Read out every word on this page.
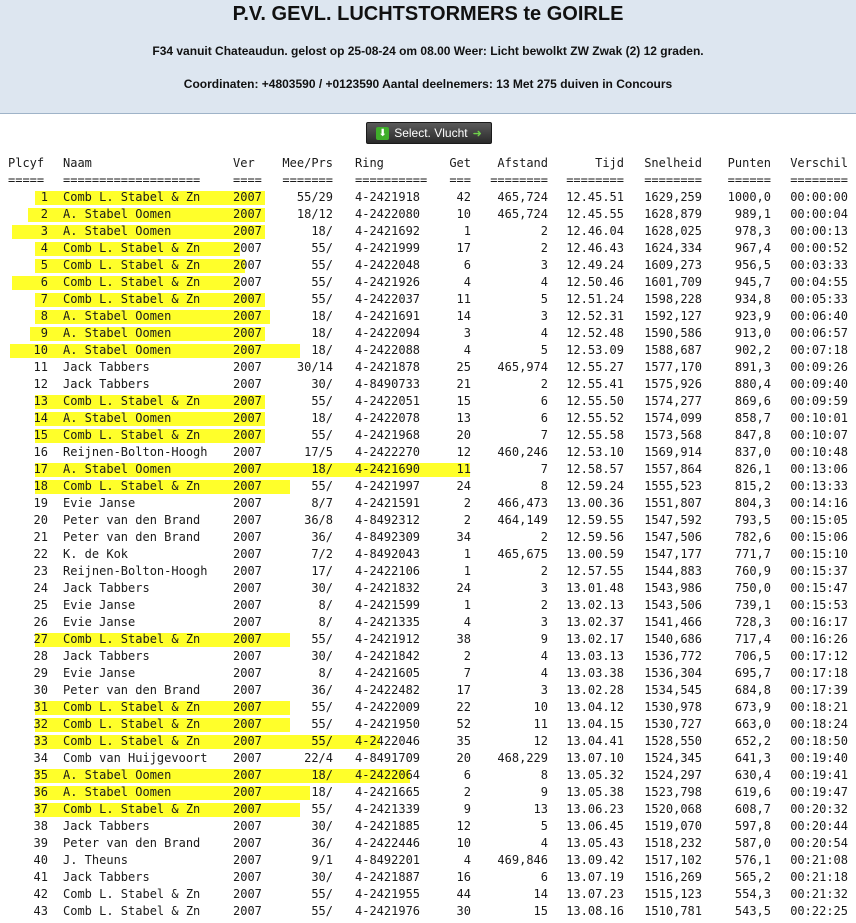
P.V. GEVL. LUCHTSTORMERS te GOIRLE
F34 vanuit Chateaudun. gelost op 25-08-24 om 08.00 Weer: Licht bewolkt ZW Zwak (2) 12 graden.
Coordinaten: +4803590 / +0123590 Aantal deelnemers: 13 Met 275 duiven in Concours
⬇ Select. Vlucht ➜
Plcyf Naam	Ver Mee/Prs Ring	Get Afstand	Tijd Snelheid Punten Verschil
===== ===================	==== ======= ========== === ======== ======== ======== ====== ========
1 Comb L. Stabel & Zn	2007	55/29 4-2421918	42 465,724 12.45.51 1629,259 1000,0 00:00:00
2 A. Stabel Oomen	2007	18/12 4-2422080	10 465,724 12.45.55 1628,879	989,1 00:00:04
3 A. Stabel Oomen	2007	18/ 4-2421692	1	2 12.46.04 1628,025	978,3 00:00:13
4 Comb L. Stabel & Zn	2007	55/ 4-2421999	17	2 12.46.43 1624,334	967,4 00:00:52
5 Comb L. Stabel & Zn	2007	55/ 4-2422048	6	3 12.49.24 1609,273	956,5 00:03:33
6 Comb L. Stabel & Zn	2007	55/ 4-2421926	4	4 12.50.46 1601,709	945,7 00:04:55
7 Comb L. Stabel & Zn	2007	55/ 4-2422037	11	5 12.51.24 1598,228	934,8 00:05:33
8 A. Stabel Oomen	2007	18/ 4-2421691	14	3 12.52.31 1592,127	923,9 00:06:40
9 A. Stabel Oomen	2007	18/ 4-2422094	3	4 12.52.48 1590,586	913,0 00:06:57
10 A. Stabel Oomen	2007	18/ 4-2422088	4	5 12.53.09 1588,687	902,2 00:07:18
11 Jack Tabbers	2007	30/14 4-2421878	25 465,974 12.55.27 1577,170	891,3 00:09:26
12 Jack Tabbers	2007	30/ 4-8490733	21	2 12.55.41 1575,926	880,4 00:09:40
13 Comb L. Stabel & Zn	2007	55/ 4-2422051	15	6 12.55.50 1574,277	869,6 00:09:59
14 A. Stabel Oomen	2007	18/ 4-2422078	13	6 12.55.52 1574,099	858,7 00:10:01
15 Comb L. Stabel & Zn	2007	55/ 4-2421968	20	7 12.55.58 1573,568	847,8 00:10:07
16 Reijnen-Bolton-Hoogh 2007	17/5 4-2422270	12 460,246 12.53.10 1569,914	837,0 00:10:48
17 A. Stabel Oomen	2007	18/ 4-2421690	11	7 12.58.57 1557,864	826,1 00:13:06
18 Comb L. Stabel & Zn	2007	55/ 4-2421997	24	8 12.59.24 1555,523	815,2 00:13:33
19 Evie Janse	2007	8/7 4-2421591	2 466,473 13.00.36 1551,807	804,3 00:14:16
20 Peter van den Brand	2007	36/8 4-8492312	2 464,149 12.59.55 1547,592	793,5 00:15:05
21 Peter van den Brand	2007	36/ 4-8492309	34	2 12.59.56 1547,506	782,6 00:15:06
22 K. de Kok	2007	7/2 4-8492043	1 465,675 13.00.59 1547,177	771,7 00:15:10
23 Reijnen-Bolton-Hoogh 2007	17/ 4-2422106	1	2 12.57.55 1544,883	760,9 00:15:37
24 Jack Tabbers	2007	30/ 4-2421832	24	3 13.01.48 1543,986	750,0 00:15:47
25 Evie Janse	2007	8/ 4-2421599	1	2 13.02.13 1543,506	739,1 00:15:53
26 Evie Janse	2007	8/ 4-2421335	4	3 13.02.37 1541,466	728,3 00:16:17
27 Comb L. Stabel & Zn	2007	55/ 4-2421912	38	9 13.02.17 1540,686	717,4 00:16:26
28 Jack Tabbers	2007	30/ 4-2421842	2	4 13.03.13 1536,772	706,5 00:17:12
29 Evie Janse	2007	8/ 4-2421605	7	4 13.03.38 1536,304	695,7 00:17:18
30 Peter van den Brand	2007	36/ 4-2422482	17	3 13.02.28 1534,545	684,8 00:17:39
31 Comb L. Stabel & Zn	2007	55/ 4-2422009	22	10 13.04.12 1530,978	673,9 00:18:21
32 Comb L. Stabel & Zn	2007	55/ 4-2421950	52	11 13.04.15 1530,727	663,0 00:18:24
33 Comb L. Stabel & Zn	2007	55/ 4-2422046	35	12 13.04.41 1528,550	652,2 00:18:50
34 Comb van Huijgevoort 2007	22/4 4-8491709	20 468,229 13.07.10 1524,345	641,3 00:19:40
35 A. Stabel Oomen	2007	18/ 4-2422064	6	8 13.05.32 1524,297	630,4 00:19:41
36 A. Stabel Oomen	2007	18/ 4-2421665	2	9 13.05.38 1523,798	619,6 00:19:47
37 Comb L. Stabel & Zn	2007	55/ 4-2421339	9	13 13.06.23 1520,068	608,7 00:20:32
38 Jack Tabbers	2007	30/ 4-2421885	12	5 13.06.45 1519,070	597,8 00:20:44
39 Peter van den Brand	2007	36/ 4-2422446	10	4 13.05.43 1518,232	587,0 00:20:54
40 J. Theuns	2007	9/1 4-8492201	4 469,846 13.09.42 1517,102	576,1 00:21:08
41 Jack Tabbers	2007	30/ 4-2421887	16	6 13.07.19 1516,269	565,2 00:21:18
42 Comb L. Stabel & Zn	2007	55/ 4-2421955	44	14 13.07.23 1515,123	554,3 00:21:32
43 Comb L. Stabel & Zn	2007	55/ 4-2421976	30	15 13.08.16 1510,781	543,5 00:22:25
